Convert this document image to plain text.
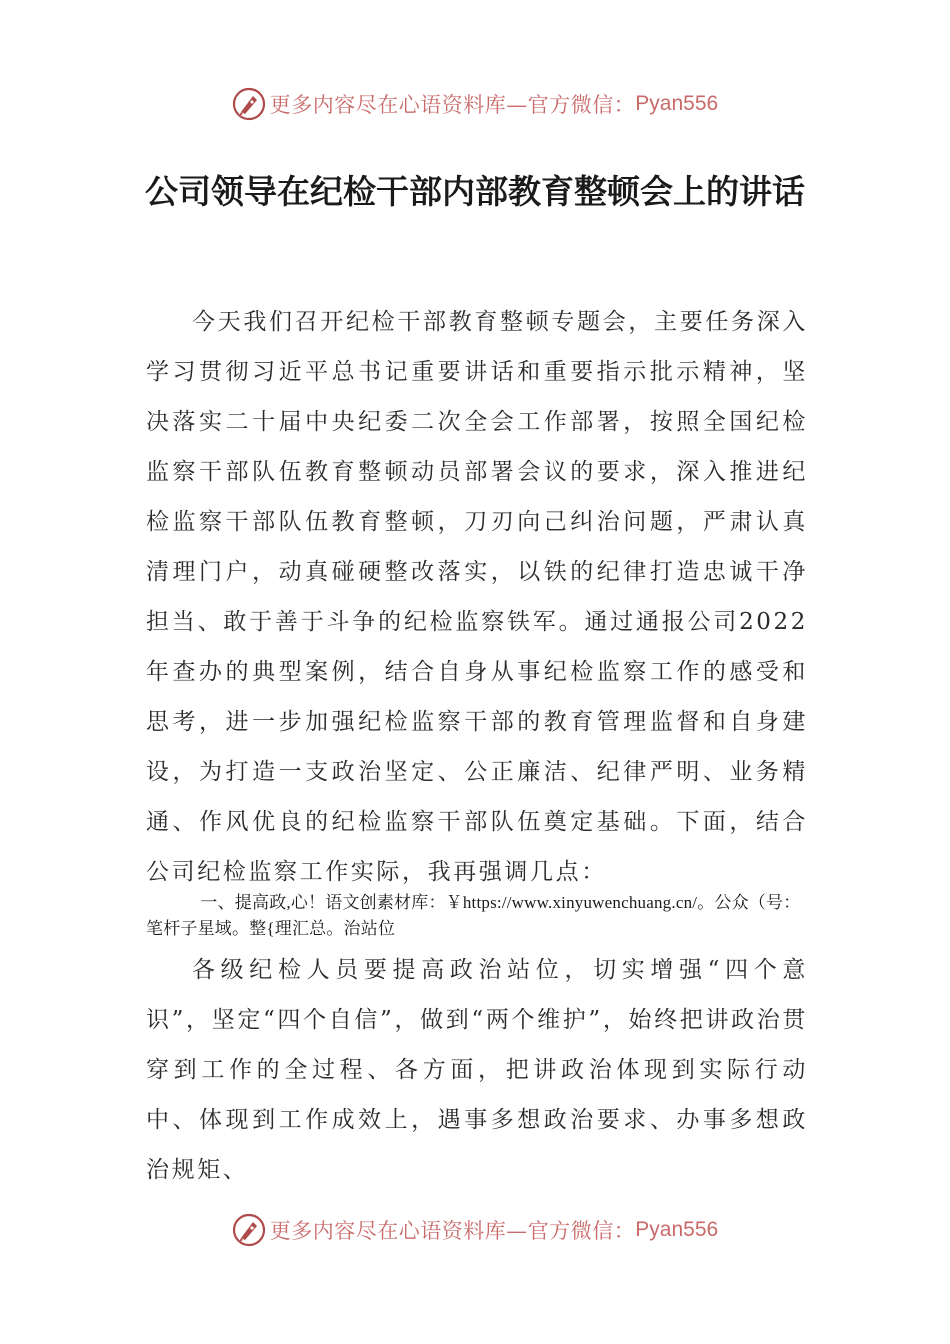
更多内容尽在心语资料库—官方微信： Pyan556
公司领导在纪检干部内部教育整顿会上的讲话

今天我们召开纪检干部教育整顿专题会，主要任务深入学习贯彻习近平总书记重要讲话和重要指示批示精神，坚决落实二十届中央纪委二次全会工作部署，按照全国纪检监察干部队伍教育整顿动员部署会议的要求，深入推进纪检监察干部队伍教育整顿，刀刃向己纠治问题，严肃认真清理门户，动真碰硬整改落实，以铁的纪律打造忠诚干净担当、敢于善于斗争的纪检监察铁军。通过通报公司2022年查办的典型案例，结合自身从事纪检监察工作的感受和思考，进一步加强纪检监察干部的教育管理监督和自身建设，为打造一支政治坚定、公正廉洁、纪律严明、业务精通、作风优良的纪检监察干部队伍奠定基础。下面，结合公司纪检监察工作实际，我再强调几点：

一、提高政,心！语文创素材库：￥https://www.xinyuwenchuang.cn/。公众（号：笔杆子星域。整{理汇总。治站位

各级纪检人员要提高政治站位，切实增强“四个意识”，坚定“四个自信”，做到“两个维护”，始终把讲政治贯穿到工作的全过程、各方面，把讲政治体现到实际行动中、体现到工作成效上，遇事多想政治要求、办事多想政治规矩、

更多内容尽在心语资料库—官方微信： Pyan556
